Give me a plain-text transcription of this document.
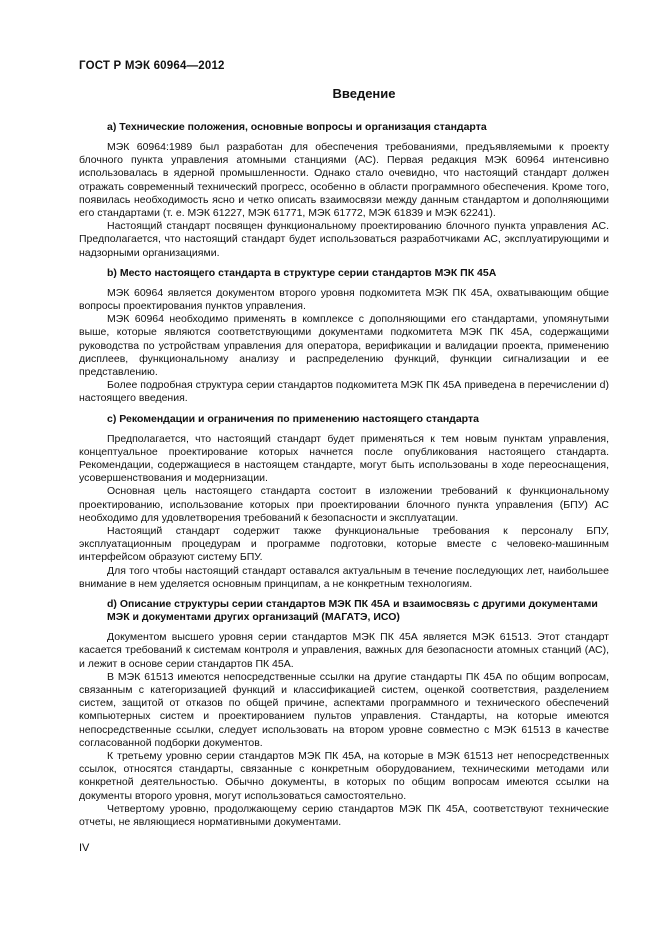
ГОСТ Р МЭК 60964—2012
Введение
a) Технические положения, основные вопросы и организация стандарта

МЭК 60964:1989 был разработан для обеспечения требованиями, предъявляемыми к проекту блочного пункта управления атомными станциями (АС). Первая редакция МЭК 60964 интенсивно использовалась в ядерной промышленности. Однако стало очевидно, что настоящий стандарт должен отражать современный технический прогресс, особенно в области программного обеспечения. Кроме того, появилась необходимость ясно и четко описать взаимосвязи между данным стандартом и дополняющими его стандартами (т. е. МЭК 61227, МЭК 61771, МЭК 61772, МЭК 61839 и МЭК 62241).

Настоящий стандарт посвящен функциональному проектированию блочного пункта управления АС. Предполагается, что настоящий стандарт будет использоваться разработчиками АС, эксплуатирующими и надзорными организациями.

b) Место настоящего стандарта в структуре серии стандартов МЭК ПК 45А

МЭК 60964 является документом второго уровня подкомитета МЭК ПК 45А, охватывающим общие вопросы проектирования пунктов управления.

МЭК 60964 необходимо применять в комплексе с дополняющими его стандартами, упомянутыми выше, которые являются соответствующими документами подкомитета МЭК ПК 45А, содержащими руководства по устройствам управления для оператора, верификации и валидации проекта, применению дисплеев, функциональному анализу и распределению функций, функции сигнализации и ее представлению.

Более подробная структура серии стандартов подкомитета МЭК ПК 45А приведена в перечислении d) настоящего введения.

c) Рекомендации и ограничения по применению настоящего стандарта

Предполагается, что настоящий стандарт будет применяться к тем новым пунктам управления, концептуальное проектирование которых начнется после опубликования настоящего стандарта. Рекомендации, содержащиеся в настоящем стандарте, могут быть использованы в ходе переоснащения, усовершенствования и модернизации.

Основная цель настоящего стандарта состоит в изложении требований к функциональному проектированию, использование которых при проектировании блочного пункта управления (БПУ) АС необходимо для удовлетворения требований к безопасности и эксплуатации.

Настоящий стандарт содержит также функциональные требования к персоналу БПУ, эксплуатационным процедурам и программе подготовки, которые вместе с человеко-машинным интерфейсом образуют систему БПУ.

Для того чтобы настоящий стандарт оставался актуальным в течение последующих лет, наибольшее внимание в нем уделяется основным принципам, а не конкретным технологиям.

d) Описание структуры серии стандартов МЭК ПК 45А и взаимосвязь с другими документами МЭК и документами других организаций (МАГАТЭ, ИСО)

Документом высшего уровня серии стандартов МЭК ПК 45А является МЭК 61513. Этот стандарт касается требований к системам контроля и управления, важных для безопасности атомных станций (АС), и лежит в основе серии стандартов ПК 45А.

В МЭК 61513 имеются непосредственные ссылки на другие стандарты ПК 45А по общим вопросам, связанным с категоризацией функций и классификацией систем, оценкой соответствия, разделением систем, защитой от отказов по общей причине, аспектами программного и технического обеспечений компьютерных систем и проектированием пультов управления. Стандарты, на которые имеются непосредственные ссылки, следует использовать на втором уровне совместно с МЭК 61513 в качестве согласованной подборки документов.

К третьему уровню серии стандартов МЭК ПК 45А, на которые в МЭК 61513 нет непосредственных ссылок, относятся стандарты, связанные с конкретным оборудованием, техническими методами или конкретной деятельностью. Обычно документы, в которых по общим вопросам имеются ссылки на документы второго уровня, могут использоваться самостоятельно.

Четвертому уровню, продолжающему серию стандартов МЭК ПК 45А, соответствуют технические отчеты, не являющиеся нормативными документами.

IV
